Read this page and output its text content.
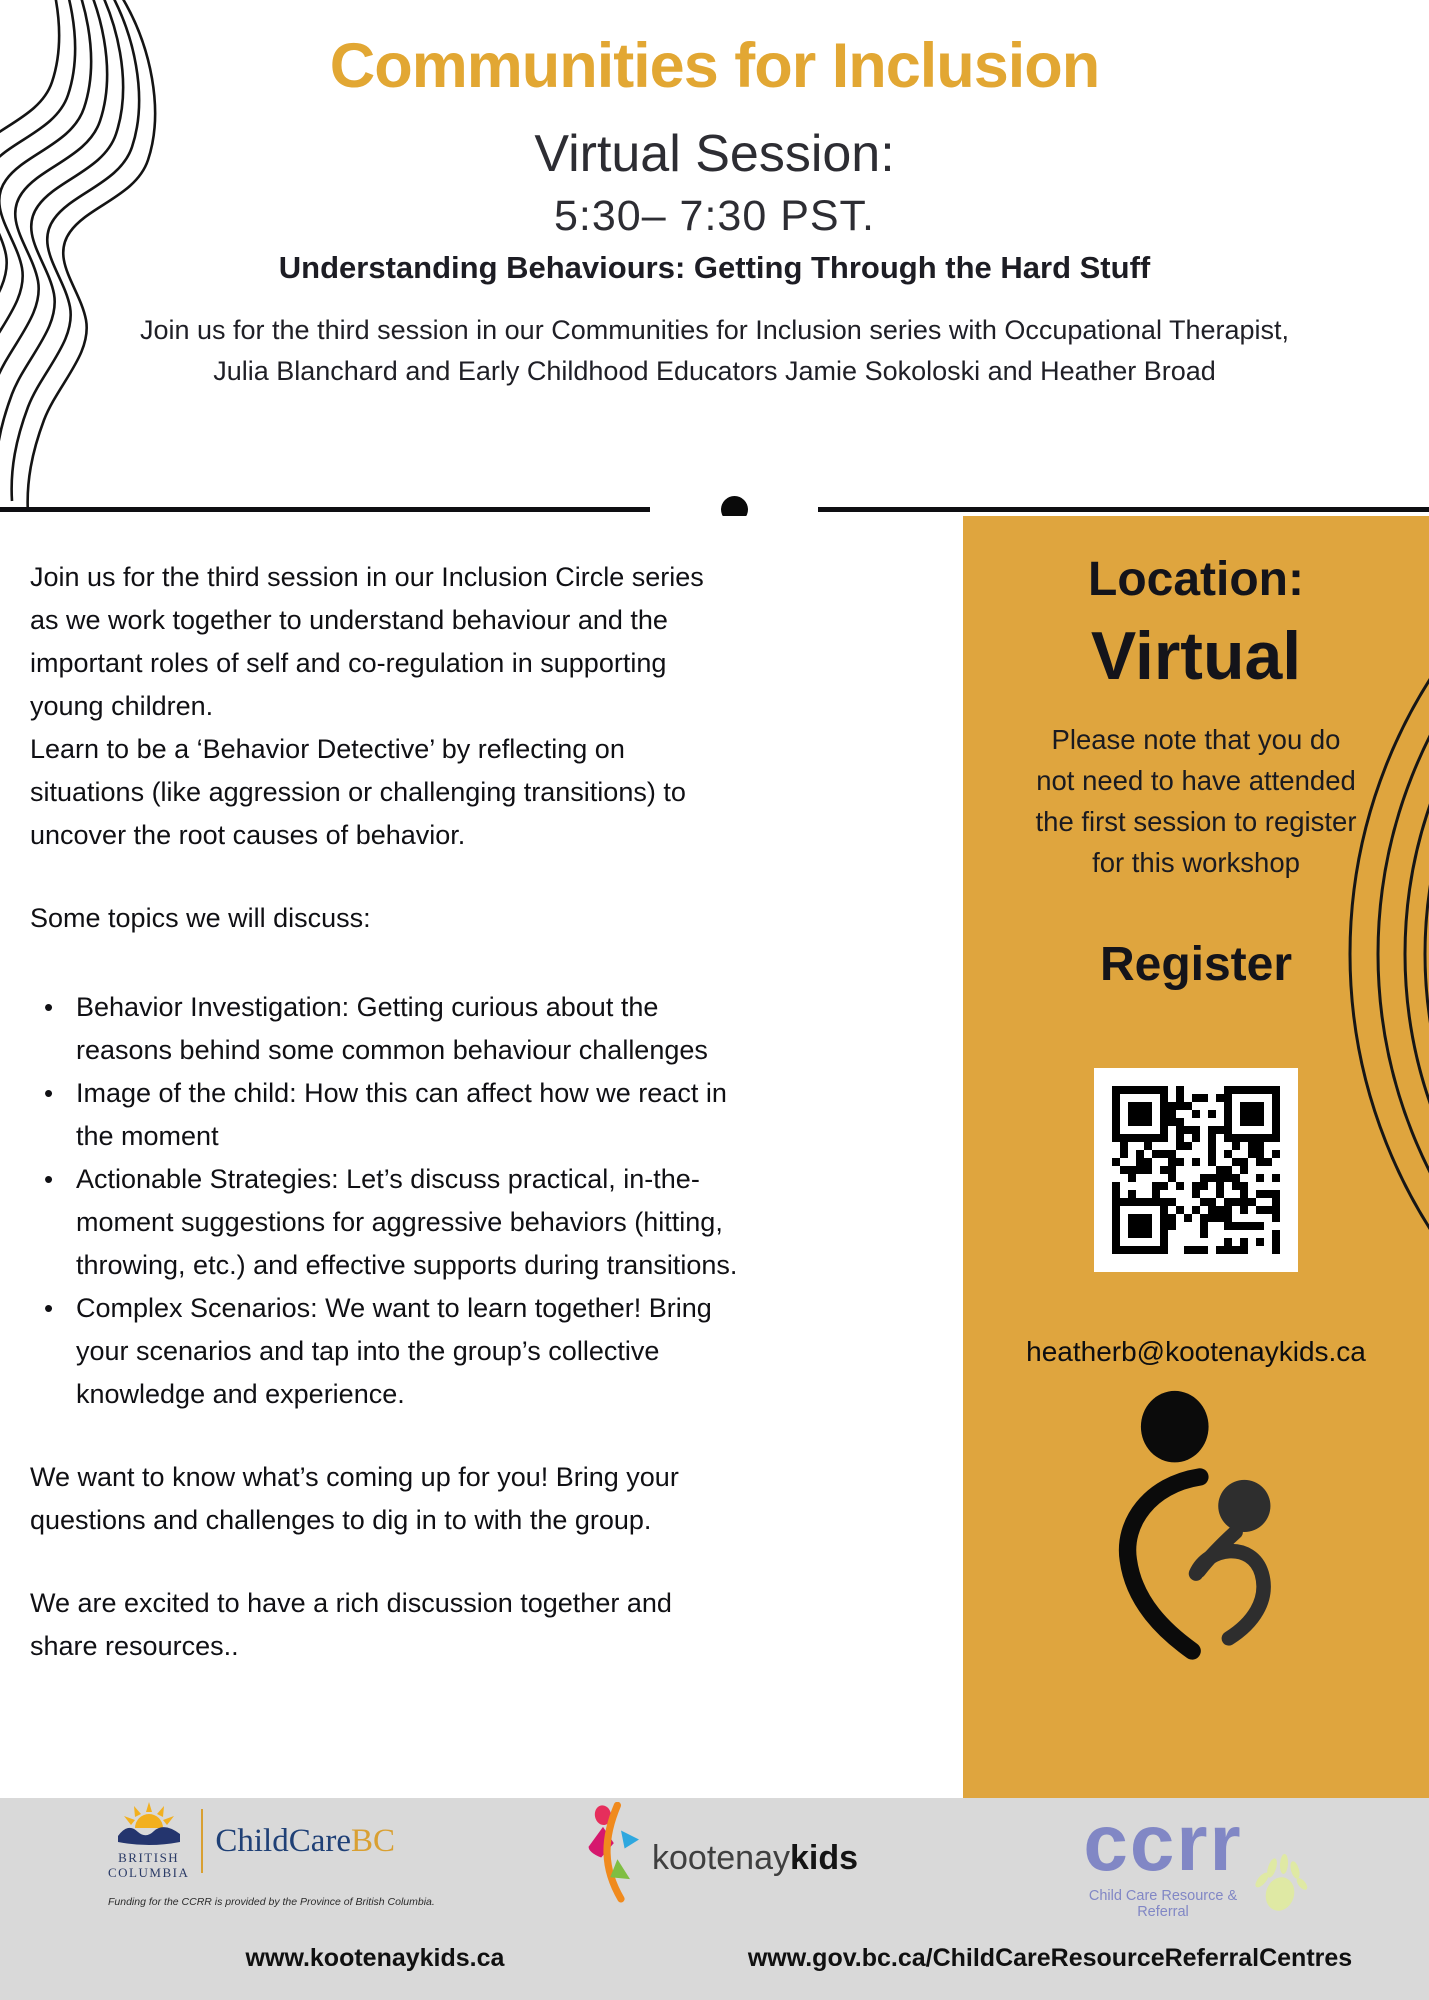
Communities for Inclusion
Virtual Session:
5:30– 7:30 PST.
Understanding Behaviours: Getting Through the Hard Stuff
Join us for the third session in our Communities for Inclusion series with Occupational Therapist,
Julia Blanchard and Early Childhood Educators Jamie Sokoloski and Heather Broad

Join us for the third session in our Inclusion Circle series as we work together to understand behaviour and the important roles of self and co-regulation in supporting young children.

Learn to be a ‘Behavior Detective’ by reflecting on situations (like aggression or challenging transitions) to uncover the root causes of behavior.

Some topics we will discuss:

• Behavior Investigation: Getting curious about the reasons behind some common behaviour challenges
• Image of the child: How this can affect how we react in the moment
• Actionable Strategies: Let’s discuss practical, in-the-moment suggestions for aggressive behaviors (hitting, throwing, etc.) and effective supports during transitions.
• Complex Scenarios: We want to learn together! Bring your scenarios and tap into the group’s collective knowledge and experience.

We want to know what’s coming up for you! Bring your questions and challenges to dig in to with the group.

We are excited to have a rich discussion together and share resources..

Location:
Virtual
Please note that you do not need to have attended the first session to register for this workshop
Register
heatherb@kootenaykids.ca
BRITISH
COLUMBIA
ChildCareBC
Funding for the CCRR is provided by the Province of British Columbia.
kootenaykids	ccrr
Child Care Resource & Referral
www.kootenaykids.ca	www.gov.bc.ca/ChildCareResourceReferralCentres
